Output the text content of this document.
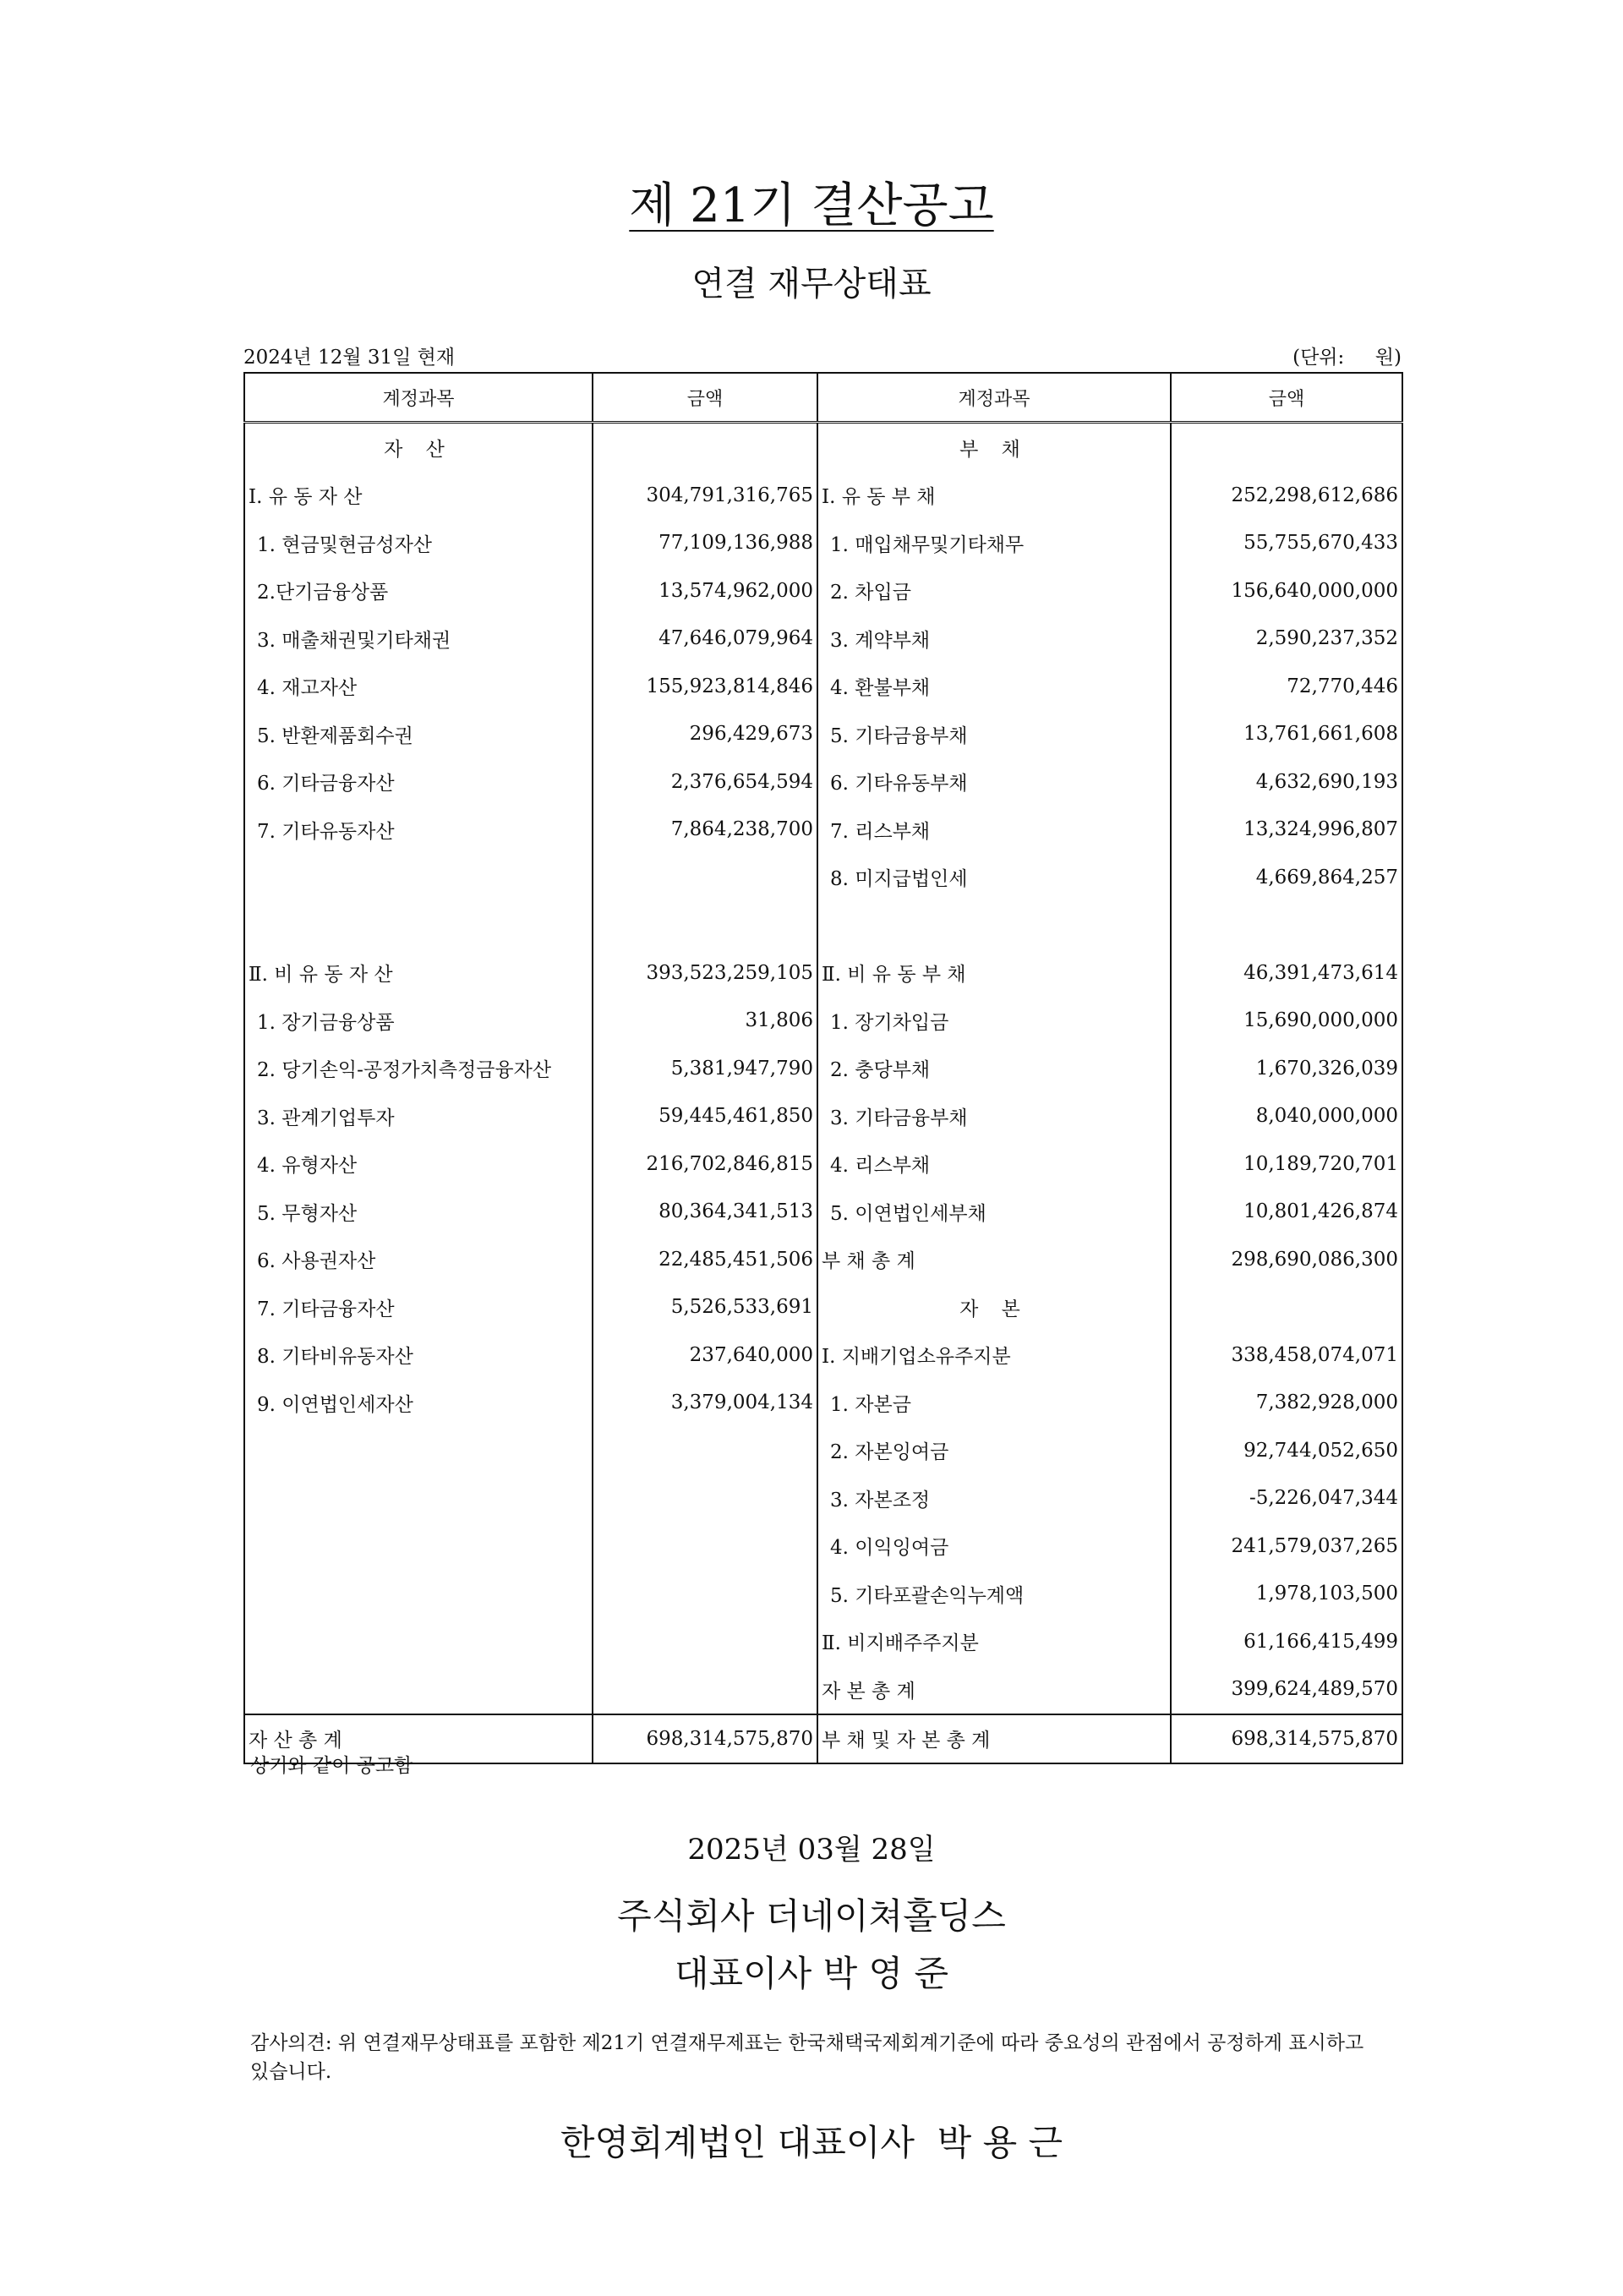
제 21기 결산공고
연결 재무상태표
2024년 12월 31일 현재	(단위:     원)
계정과목	금액	계정과목	금액
자 산		부 채	
Ⅰ. 유 동 자 산	304,791,316,765	Ⅰ. 유 동 부 채	252,298,612,686
1. 현금및현금성자산	77,109,136,988	1. 매입채무및기타채무	55,755,670,433
2.단기금융상품	13,574,962,000	2. 차입금	156,640,000,000
3. 매출채권및기타채권	47,646,079,964	3. 계약부채	2,590,237,352
4. 재고자산	155,923,814,846	4. 환불부채	72,770,446
5. 반환제품회수권	296,429,673	5. 기타금융부채	13,761,661,608
6. 기타금융자산	2,376,654,594	6. 기타유동부채	4,632,690,193
7. 기타유동자산	7,864,238,700	7. 리스부채	13,324,996,807
		8. 미지급법인세	4,669,864,257

Ⅱ. 비 유 동 자 산	393,523,259,105	Ⅱ. 비 유 동 부 채	46,391,473,614
1. 장기금융상품	31,806	1. 장기차입금	15,690,000,000
2. 당기손익-공정가치측정금융자산	5,381,947,790	2. 충당부채	1,670,326,039
3. 관계기업투자	59,445,461,850	3. 기타금융부채	8,040,000,000
4. 유형자산	216,702,846,815	4. 리스부채	10,189,720,701
5. 무형자산	80,364,341,513	5. 이연법인세부채	10,801,426,874
6. 사용권자산	22,485,451,506	부 채 총 계	298,690,086,300
7. 기타금융자산	5,526,533,691	자 본	
8. 기타비유동자산	237,640,000	Ⅰ. 지배기업소유주지분	338,458,074,071
9. 이연법인세자산	3,379,004,134	1. 자본금	7,382,928,000
		2. 자본잉여금	92,744,052,650
		3. 자본조정	-5,226,047,344
		4. 이익잉여금	241,579,037,265
		5. 기타포괄손익누계액	1,978,103,500
		Ⅱ. 비지배주주지분	61,166,415,499
		자 본 총 계	399,624,489,570
자 산 총 계	698,314,575,870	부 채 및 자 본 총 계	698,314,575,870
상기와 같이 공고함
2025년 03월 28일
주식회사 더네이쳐홀딩스
대표이사 박 영 준
감사의견: 위 연결재무상태표를 포함한 제21기 연결재무제표는 한국채택국제회계기준에 따라 중요성의 관점에서 공정하게 표시하고 있습니다.
한영회계법인 대표이사  박 용 근
